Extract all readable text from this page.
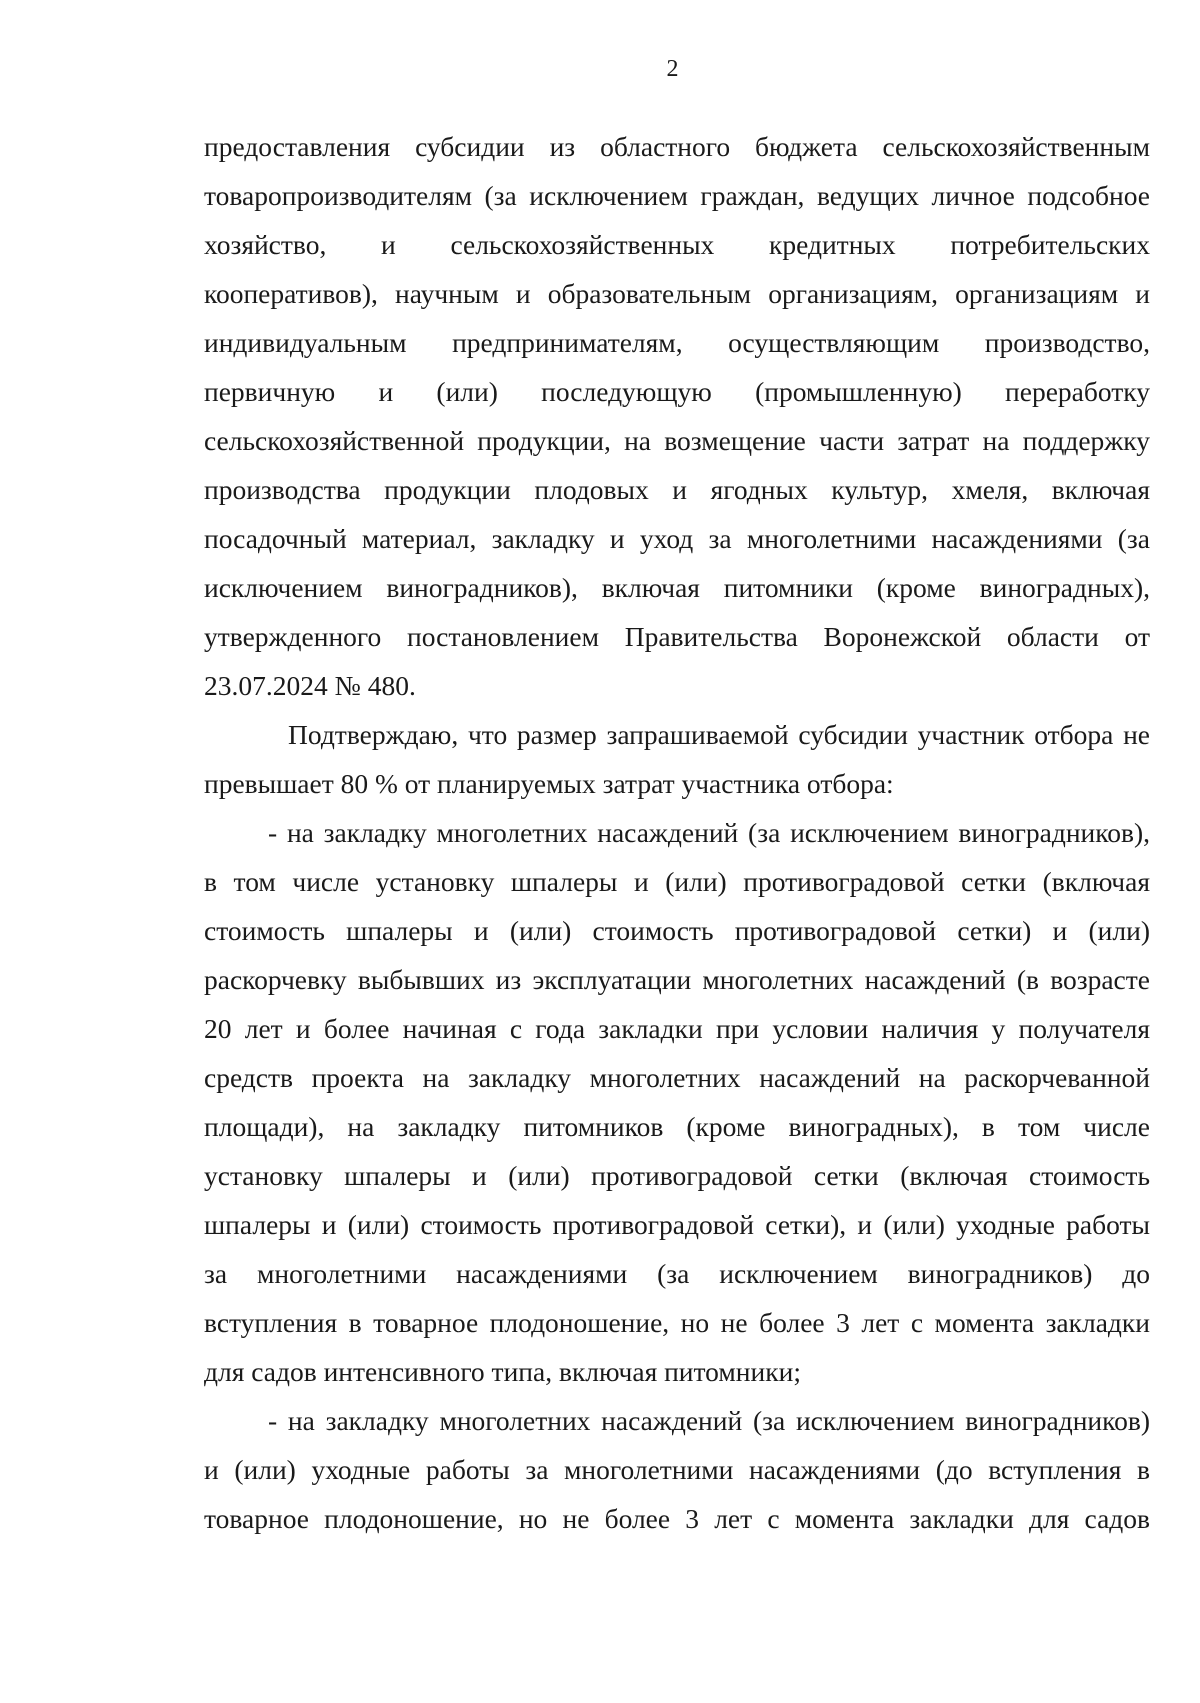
2
предоставления субсидии из областного бюджета сельскохозяйственным
товаропроизводителям (за исключением граждан, ведущих личное подсобное
хозяйство, и сельскохозяйственных кредитных потребительских
кооперативов), научным и образовательным организациям, организациям и
индивидуальным предпринимателям, осуществляющим производство,
первичную и (или) последующую (промышленную) переработку
сельскохозяйственной продукции, на возмещение части затрат на поддержку
производства продукции плодовых и ягодных культур, хмеля, включая
посадочный материал, закладку и уход за многолетними насаждениями (за
исключением виноградников), включая питомники (кроме виноградных),
утвержденного постановлением Правительства Воронежской области от
23.07.2024 № 480.
Подтверждаю, что размер запрашиваемой субсидии участник отбора не
превышает 80 % от планируемых затрат участника отбора:
- на закладку многолетних насаждений (за исключением виноградников),
в том числе установку шпалеры и (или) противоградовой сетки (включая
стоимость шпалеры и (или) стоимость противоградовой сетки) и (или)
раскорчевку выбывших из эксплуатации многолетних насаждений (в возрасте
20 лет и более начиная с года закладки при условии наличия у получателя
средств проекта на закладку многолетних насаждений на раскорчеванной
площади), на закладку питомников (кроме виноградных), в том числе
установку шпалеры и (или) противоградовой сетки (включая стоимость
шпалеры и (или) стоимость противоградовой сетки), и (или) уходные работы
за многолетними насаждениями (за исключением виноградников) до
вступления в товарное плодоношение, но не более 3 лет с момента закладки
для садов интенсивного типа, включая питомники;
- на закладку многолетних насаждений (за исключением виноградников)
и (или) уходные работы за многолетними насаждениями (до вступления в
товарное плодоношение, но не более 3 лет с момента закладки для садов
